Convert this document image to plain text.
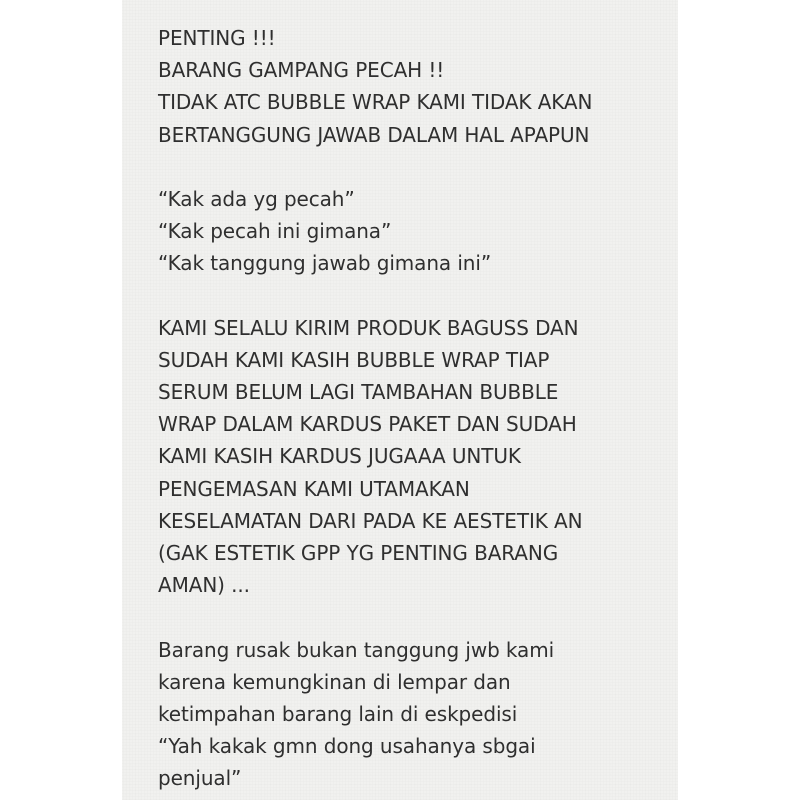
PENTING !!!
BARANG GAMPANG PECAH !!
TIDAK ATC BUBBLE WRAP KAMI TIDAK AKAN
BERTANGGUNG JAWAB DALAM HAL APAPUN
“Kak ada yg pecah”
“Kak pecah ini gimana”
“Kak tanggung jawab gimana ini”
KAMI SELALU KIRIM PRODUK BAGUSS DAN
SUDAH KAMI KASIH BUBBLE WRAP TIAP
SERUM BELUM LAGI TAMBAHAN BUBBLE
WRAP DALAM KARDUS PAKET DAN SUDAH
KAMI KASIH KARDUS JUGAAA UNTUK
PENGEMASAN KAMI UTAMAKAN
KESELAMATAN DARI PADA KE AESTETIK AN
(GAK ESTETIK GPP YG PENTING BARANG
AMAN) ...
Barang rusak bukan tanggung jwb kami
karena kemungkinan di lempar dan
ketimpahan barang lain di eskpedisi
“Yah kakak gmn dong usahanya sbgai
penjual”
